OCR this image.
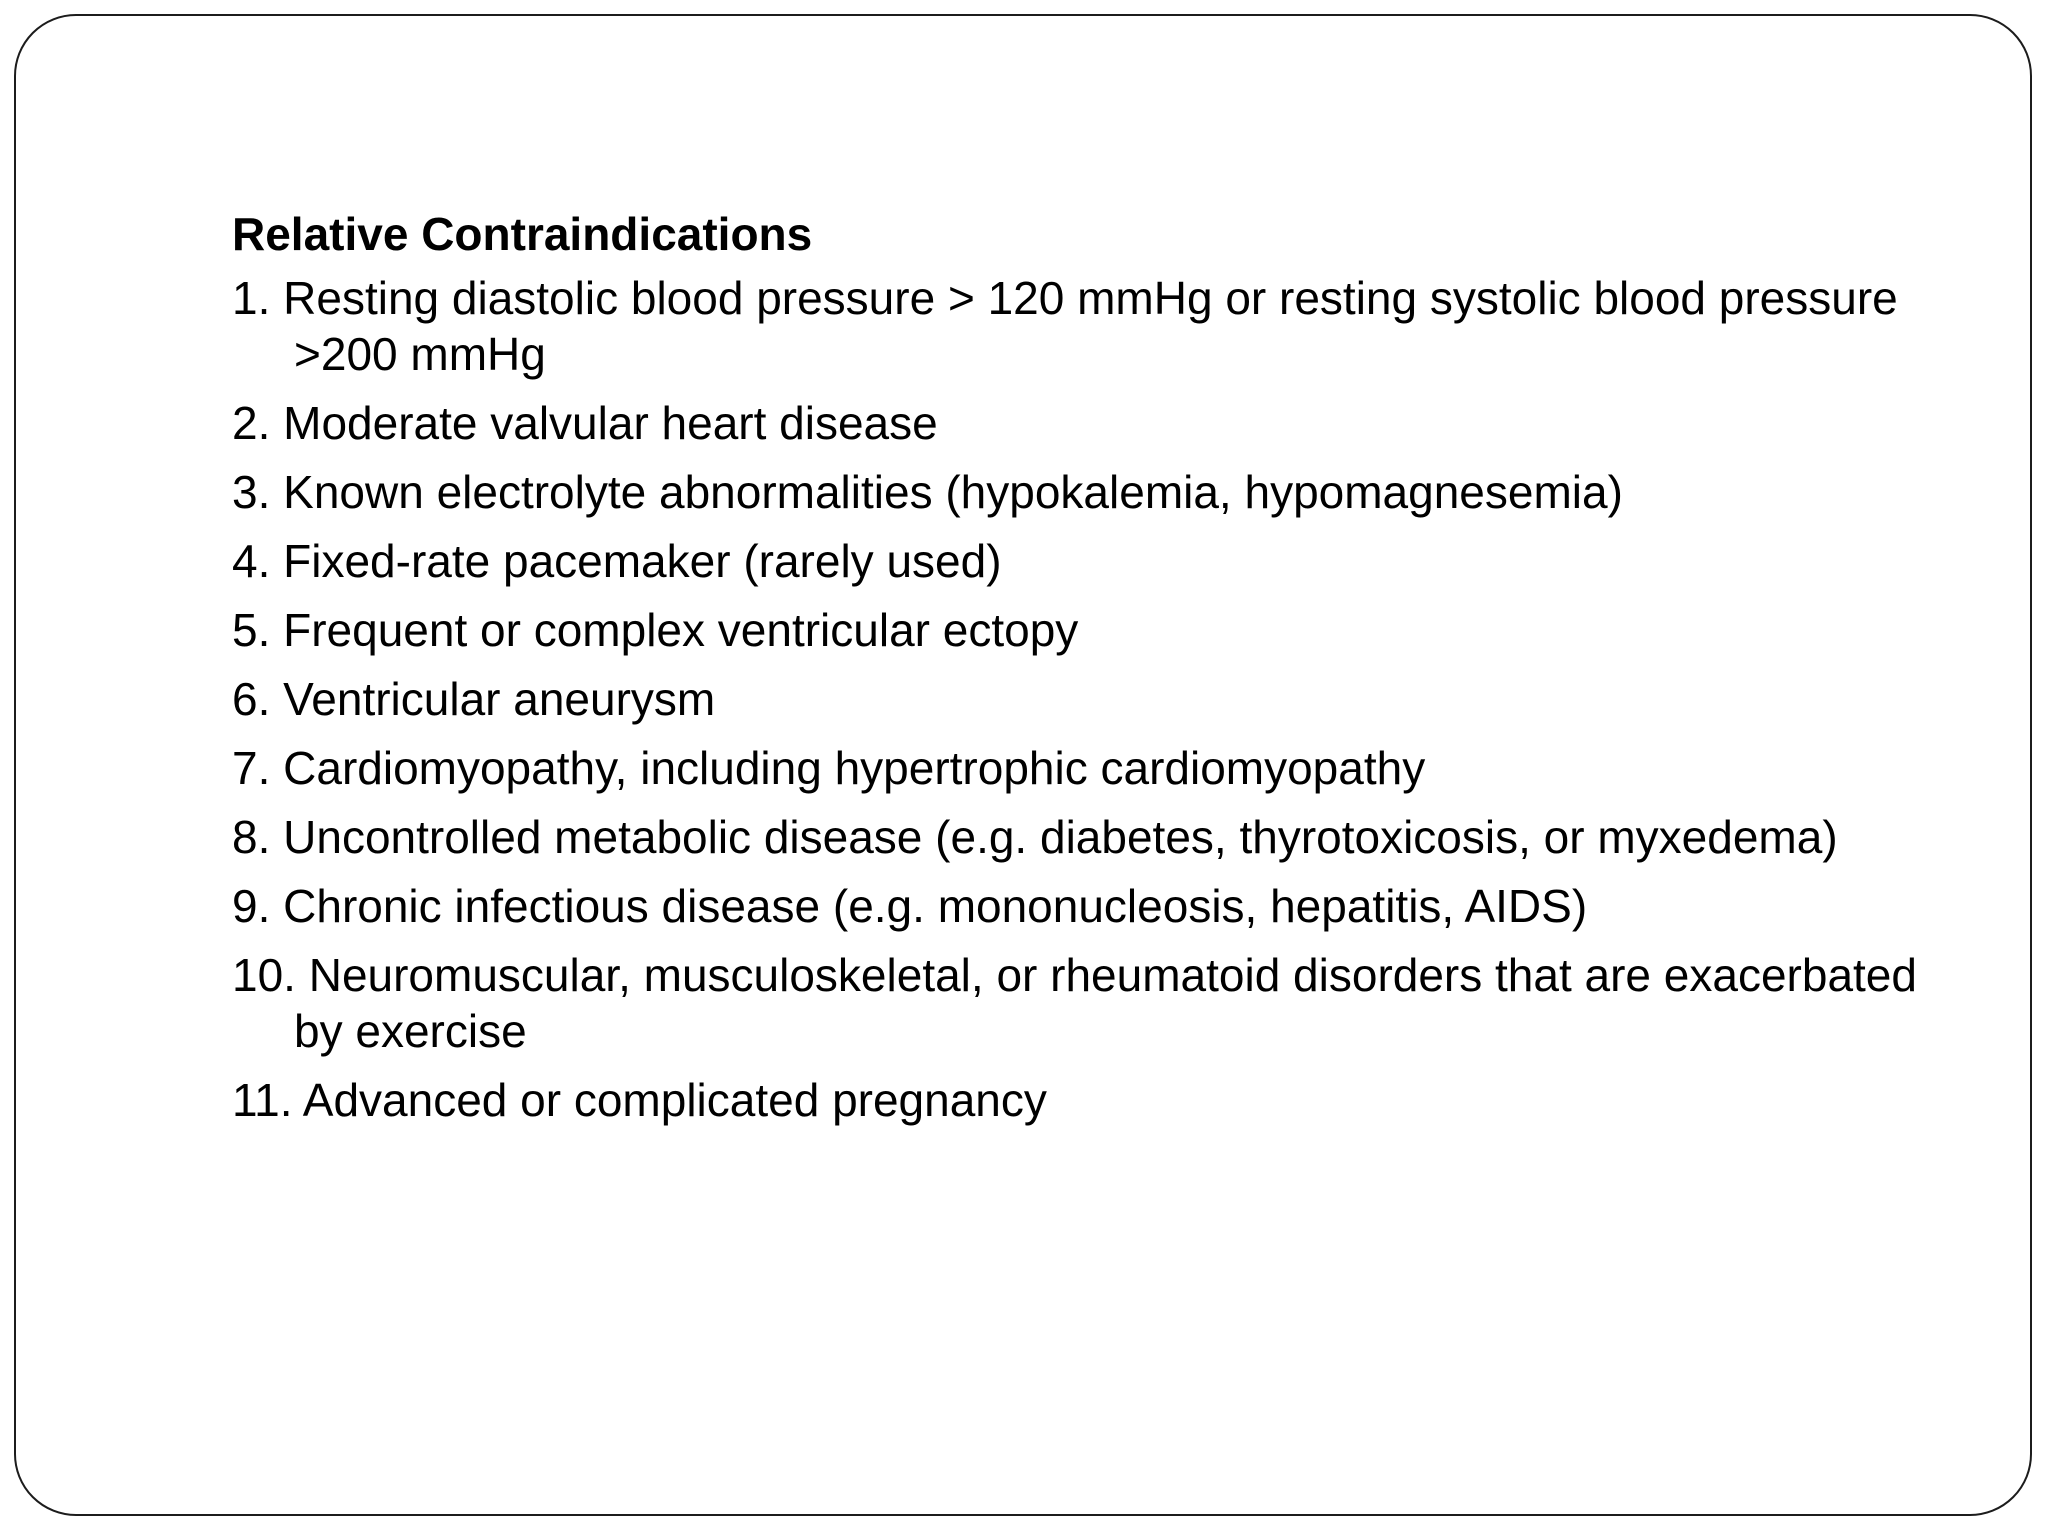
Relative Contraindications
1. Resting diastolic blood pressure > 120 mmHg or resting systolic blood pressure >200 mmHg
2. Moderate valvular heart disease
3. Known electrolyte abnormalities (hypokalemia, hypomagnesemia)
4. Fixed-rate pacemaker (rarely used)
5. Frequent or complex ventricular ectopy
6. Ventricular aneurysm
7. Cardiomyopathy, including hypertrophic cardiomyopathy
8. Uncontrolled metabolic disease (e.g. diabetes, thyrotoxicosis, or myxedema)
9. Chronic infectious disease (e.g. mononucleosis, hepatitis, AIDS)
10. Neuromuscular, musculoskeletal, or rheumatoid disorders that are exacerbated by exercise
11. Advanced or complicated pregnancy
